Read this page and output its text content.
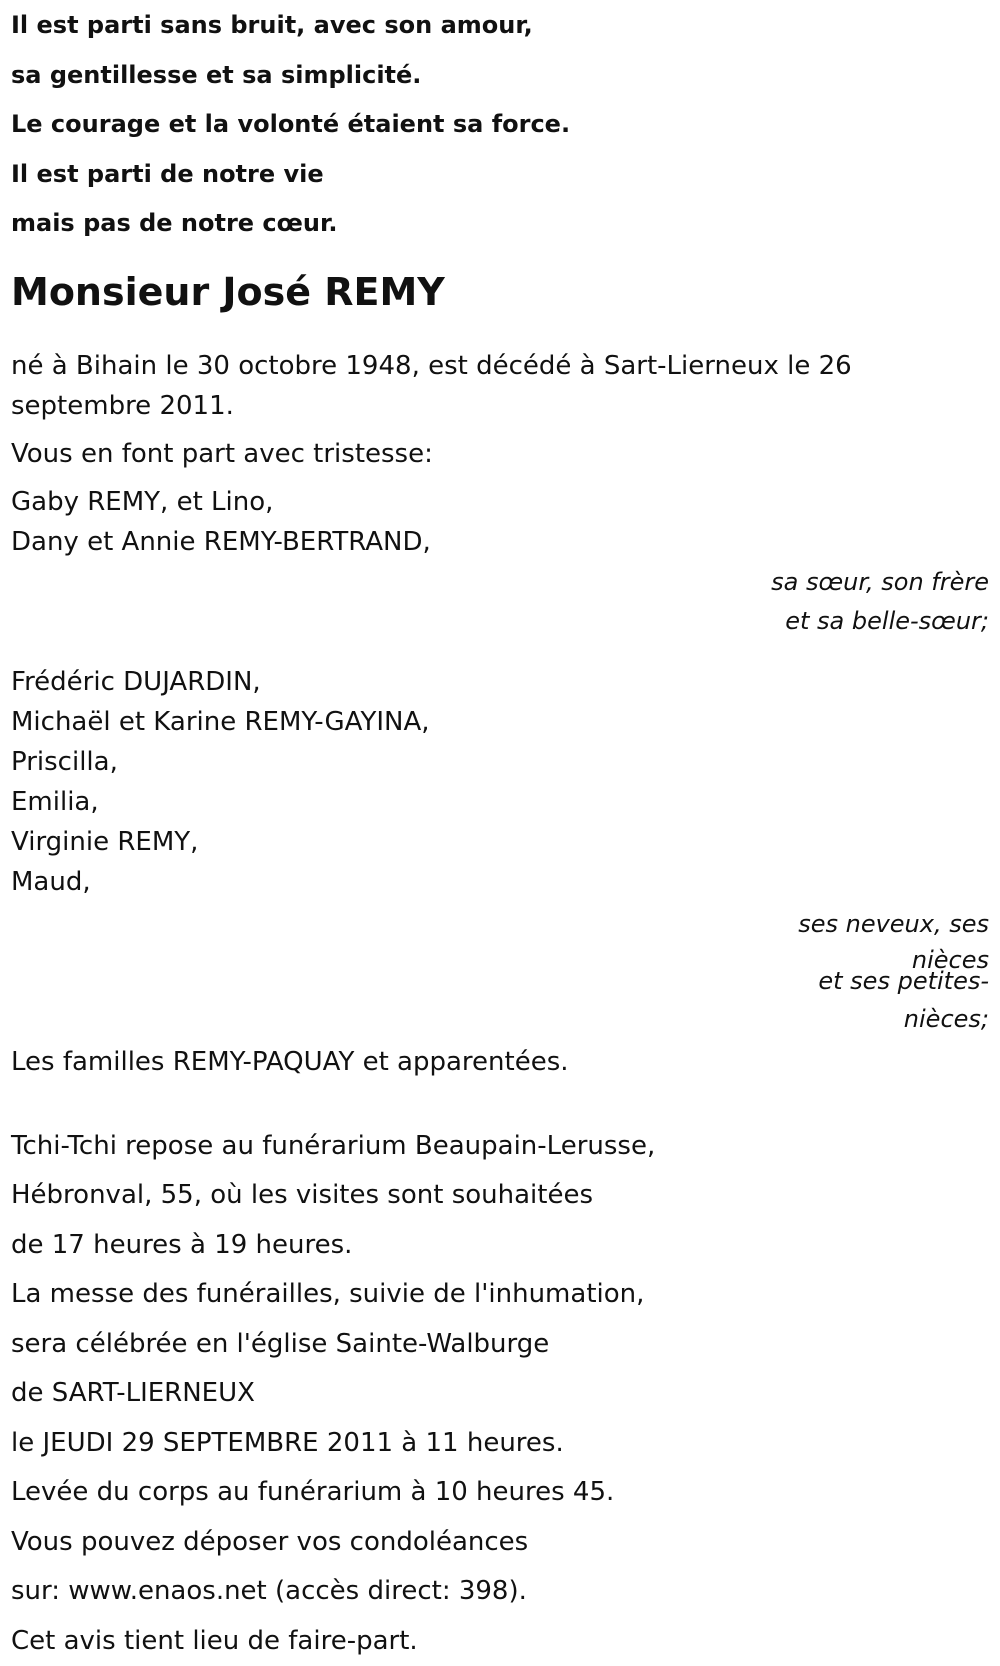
Il est parti sans bruit, avec son amour,
sa gentillesse et sa simplicité.
Le courage et la volonté étaient sa force.
Il est parti de notre vie
mais pas de notre cœur.
Monsieur José REMY
né à Bihain le 30 octobre 1948, est décédé à Sart-Lierneux le 26 septembre 2011.
Vous en font part avec tristesse:
Gaby REMY, et Lino,
Dany et Annie REMY-BERTRAND,
sa sœur, son frère
et sa belle-sœur;
Frédéric DUJARDIN,
Michaël et Karine REMY-GAYINA,
Priscilla,
Emilia,
Virginie REMY,
Maud,
ses neveux, ses
nièces
et ses petites-
nièces;
Les familles REMY-PAQUAY et apparentées.
Tchi-Tchi repose au funérarium Beaupain-Lerusse,
Hébronval, 55, où les visites sont souhaitées
de 17 heures à 19 heures.
La messe des funérailles, suivie de l'inhumation,
sera célébrée en l'église Sainte-Walburge
de SART-LIERNEUX
le JEUDI 29 SEPTEMBRE 2011 à 11 heures.
Levée du corps au funérarium à 10 heures 45.
Vous pouvez déposer vos condoléances
sur: www.enaos.net (accès direct: 398).
Cet avis tient lieu de faire-part.
